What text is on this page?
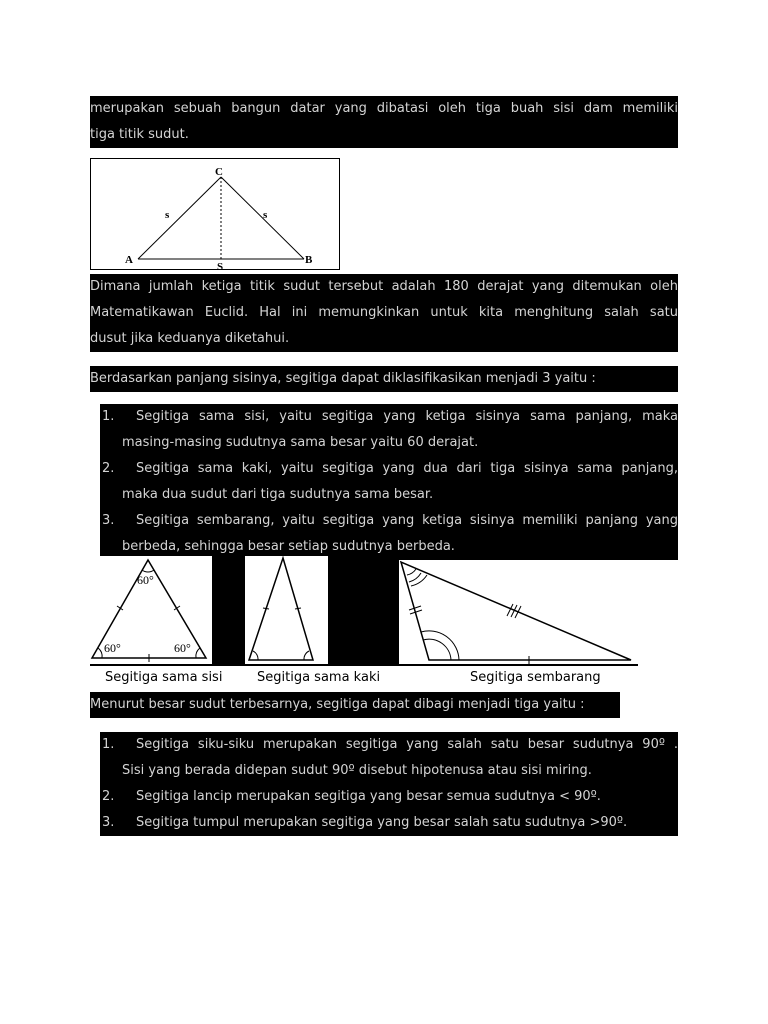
merupakan sebuah bangun datar yang dibatasi oleh tiga buah sisi dam memiliki
tiga titik sudut.
C
A	B
s	s
S
Dimana jumlah ketiga titik sudut tersebut adalah 180 derajat yang ditemukan oleh
Matematikawan Euclid. Hal ini memungkinkan untuk kita menghitung salah satu
dusut jika keduanya diketahui.
Berdasarkan panjang sisinya, segitiga dapat diklasifikasikan menjadi 3 yaitu :
1. Segitiga sama sisi, yaitu segitiga yang ketiga sisinya sama panjang, maka
masing-masing sudutnya sama besar yaitu 60 derajat.
2. Segitiga sama kaki, yaitu segitiga yang dua dari tiga sisinya sama panjang,
maka dua sudut dari tiga sudutnya sama besar.
3. Segitiga sembarang, yaitu segitiga yang ketiga sisinya memiliki panjang yang
berbeda, sehingga besar setiap sudutnya berbeda.
60°
60°	60°
Segitiga sama sisi	Segitiga sama kaki	Segitiga sembarang
Menurut besar sudut terbesarnya, segitiga dapat dibagi menjadi tiga yaitu :
1. Segitiga siku-siku merupakan segitiga yang salah satu besar sudutnya 90º .
Sisi yang berada didepan sudut 90º disebut hipotenusa atau sisi miring.
2. Segitiga lancip merupakan segitiga yang besar semua sudutnya < 90º.
3. Segitiga tumpul merupakan segitiga yang besar salah satu sudutnya >90º.
